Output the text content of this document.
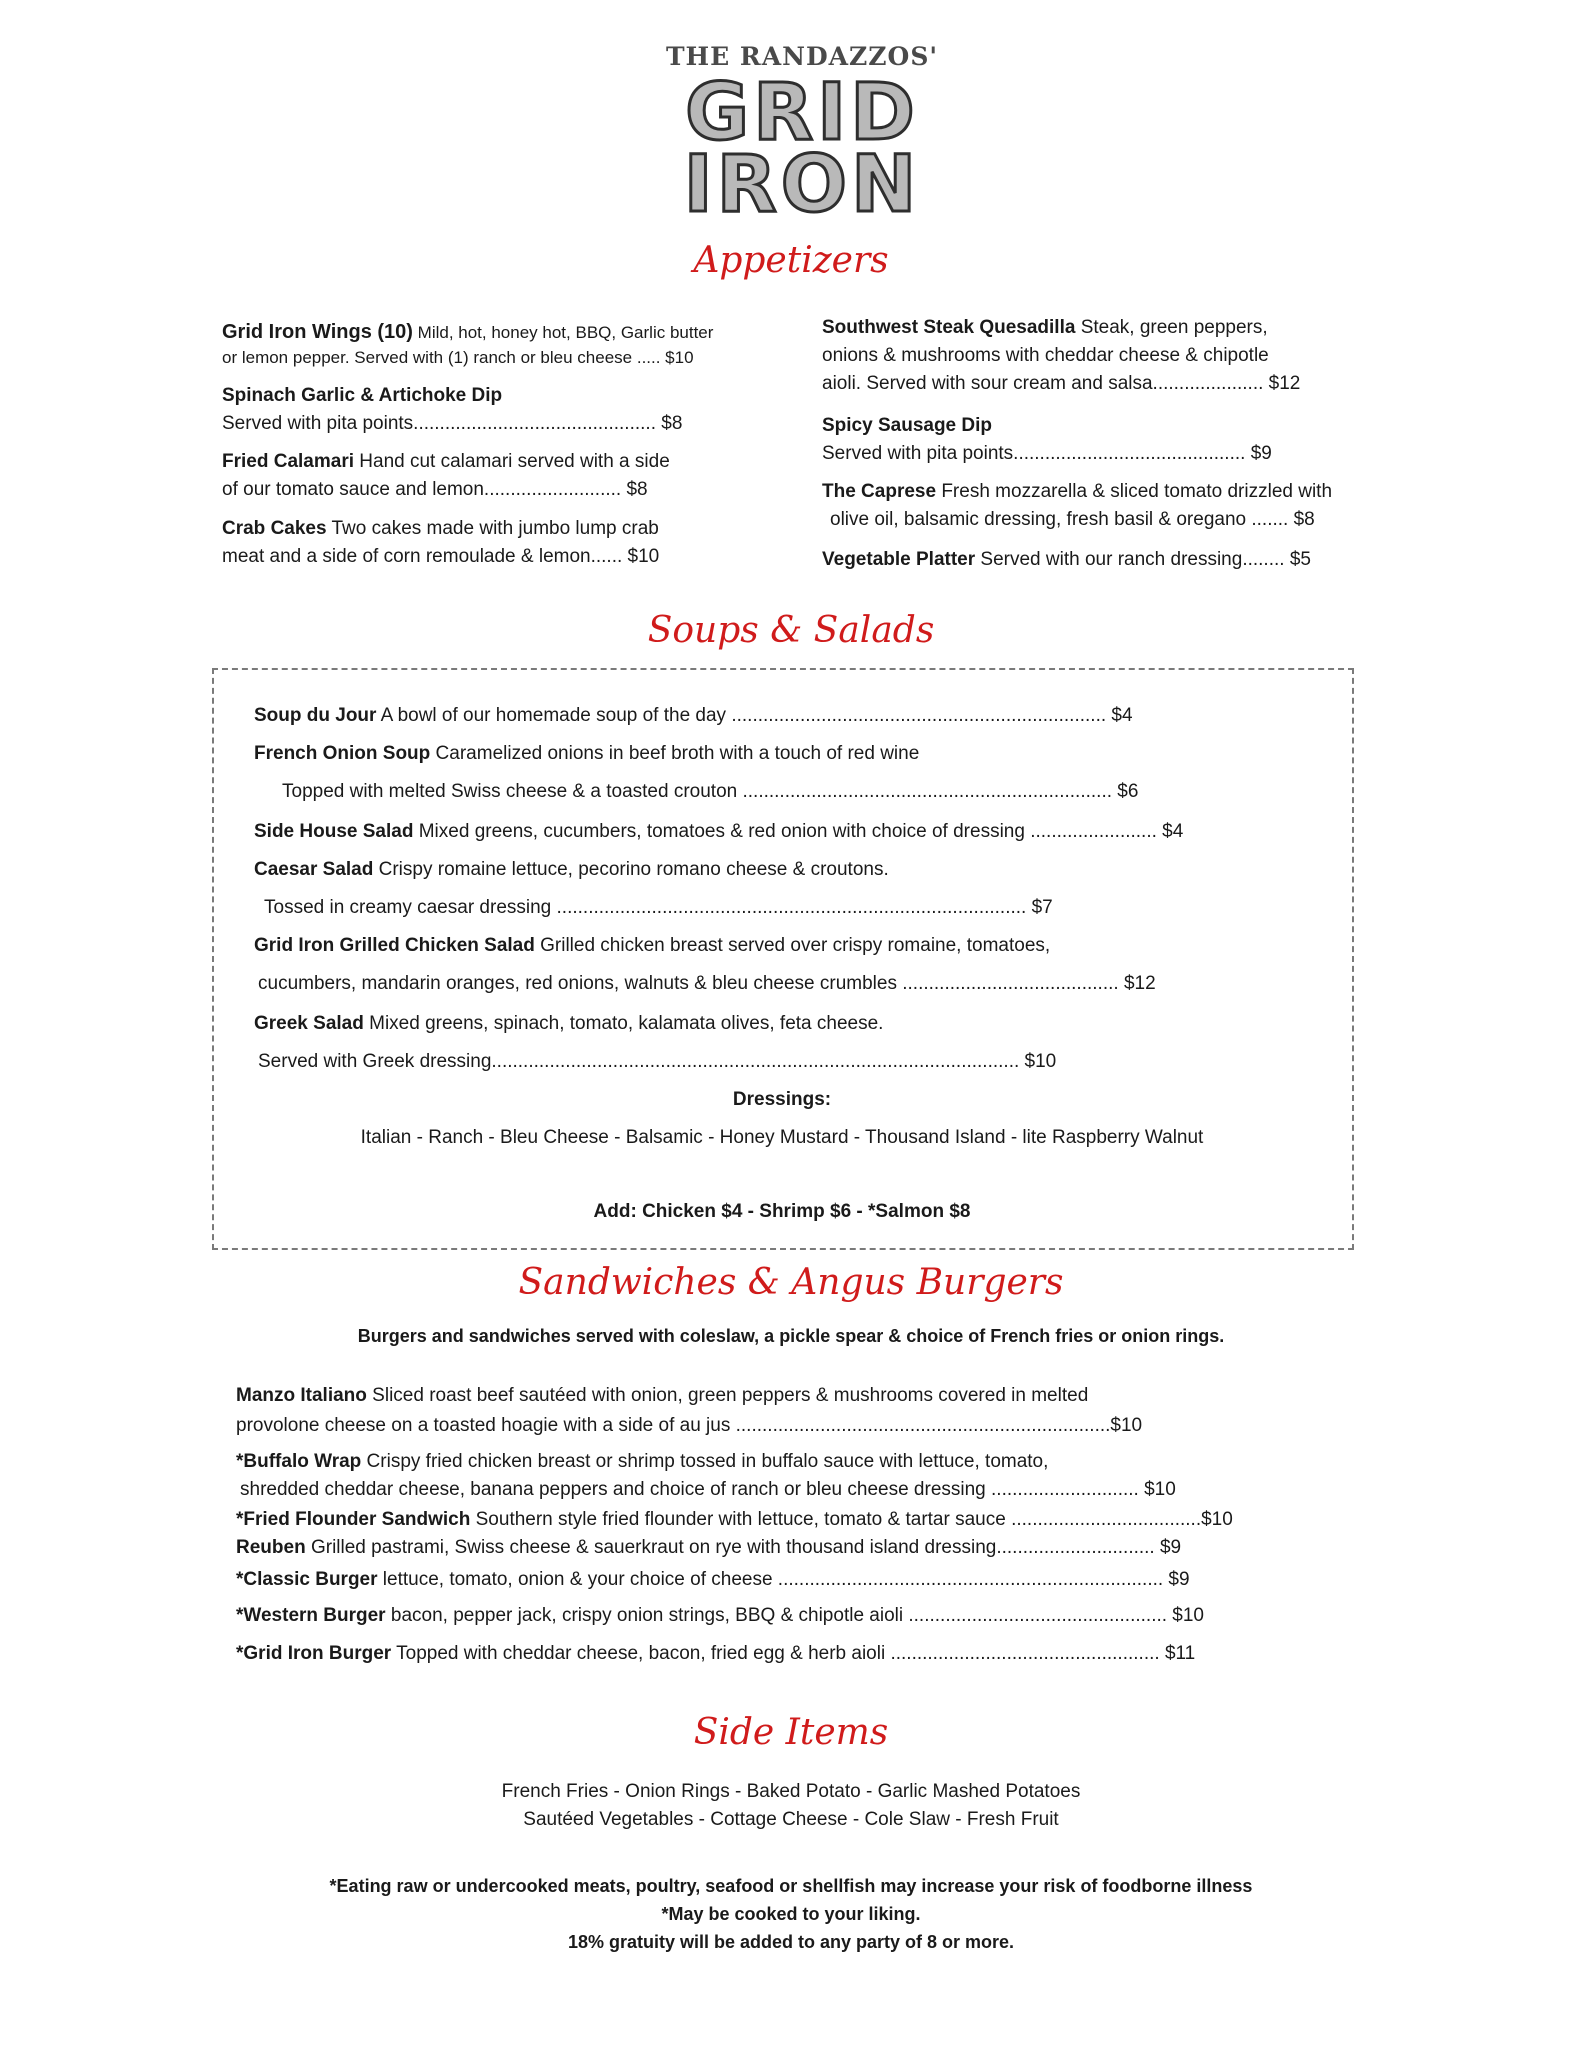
THE RANDAZZOS'
GRID
IRON
Appetizers
Grid Iron Wings (10) Mild, hot, honey hot, BBQ, Garlic butter
or lemon pepper. Served with (1) ranch or bleu cheese ..... $10
Spinach Garlic & Artichoke Dip
Served with pita points.............................................. $8
Fried Calamari Hand cut calamari served with a side
of our tomato sauce and lemon.......................... $8
Crab Cakes Two cakes made with jumbo lump crab
meat and a side of corn remoulade & lemon...... $10
Southwest Steak Quesadilla Steak, green peppers,
onions & mushrooms with cheddar cheese & chipotle
aioli. Served with sour cream and salsa..................... $12
Spicy Sausage Dip
Served with pita points............................................ $9
The Caprese Fresh mozzarella & sliced tomato drizzled with
olive oil, balsamic dressing, fresh basil & oregano ....... $8
Vegetable Platter Served with our ranch dressing........ $5
Soups & Salads
Soup du Jour A bowl of our homemade soup of the day ....................................................................... $4
French Onion Soup Caramelized onions in beef broth with a touch of red wine
Topped with melted Swiss cheese & a toasted crouton ...................................................................... $6
Side House Salad Mixed greens, cucumbers, tomatoes & red onion with choice of dressing ........................ $4
Caesar Salad Crispy romaine lettuce, pecorino romano cheese & croutons.
Tossed in creamy caesar dressing ......................................................................................... $7
Grid Iron Grilled Chicken Salad Grilled chicken breast served over crispy romaine, tomatoes,
cucumbers, mandarin oranges, red onions, walnuts & bleu cheese crumbles ......................................... $12
Greek Salad Mixed greens, spinach, tomato, kalamata olives, feta cheese.
Served with Greek dressing.................................................................................................... $10
Dressings:
Italian - Ranch - Bleu Cheese - Balsamic - Honey Mustard - Thousand Island - lite Raspberry Walnut
Add: Chicken $4 - Shrimp $6 - *Salmon $8
Sandwiches & Angus Burgers
Burgers and sandwiches served with coleslaw, a pickle spear & choice of French fries or onion rings.
Manzo Italiano Sliced roast beef sautéed with onion, green peppers & mushrooms covered in melted
provolone cheese on a toasted hoagie with a side of au jus .......................................................................$10
*Buffalo Wrap Crispy fried chicken breast or shrimp tossed in buffalo sauce with lettuce, tomato,
shredded cheddar cheese, banana peppers and choice of ranch or bleu cheese dressing ............................ $10
*Fried Flounder Sandwich Southern style fried flounder with lettuce, tomato & tartar sauce ....................................$10
Reuben Grilled pastrami, Swiss cheese & sauerkraut on rye with thousand island dressing.............................. $9
*Classic Burger lettuce, tomato, onion & your choice of cheese ......................................................................... $9
*Western Burger bacon, pepper jack, crispy onion strings, BBQ & chipotle aioli ................................................. $10
*Grid Iron Burger Topped with cheddar cheese, bacon, fried egg & herb aioli ................................................... $11
Side Items
French Fries - Onion Rings - Baked Potato - Garlic Mashed Potatoes
Sautéed Vegetables - Cottage Cheese - Cole Slaw - Fresh Fruit
*Eating raw or undercooked meats, poultry, seafood or shellfish may increase your risk of foodborne illness
*May be cooked to your liking.
18% gratuity will be added to any party of 8 or more.
